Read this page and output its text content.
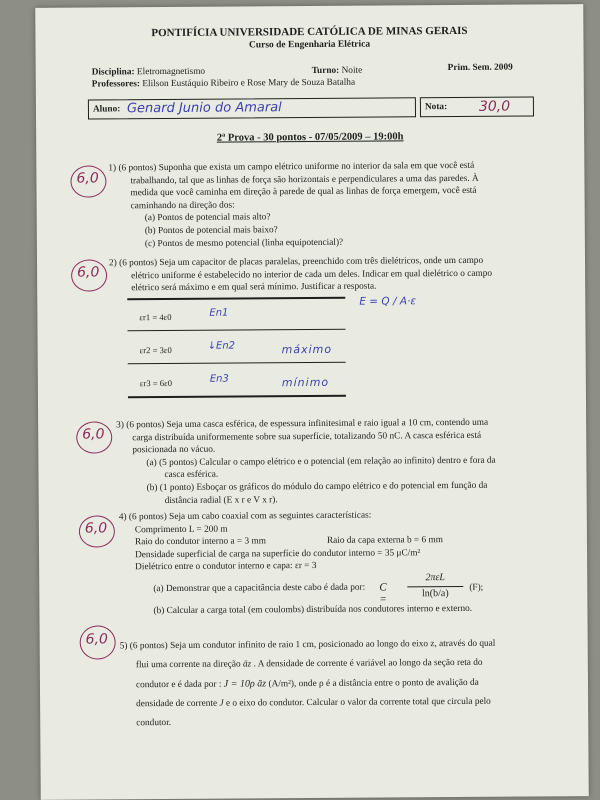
PONTIFÍCIA UNIVERSIDADE CATÓLICA DE MINAS GERAIS
Curso de Engenharia Elétrica
Disciplina: Eletromagnetismo	Turno: Noite	Prim. Sem. 2009
Professores: Elilson Eustáquio Ribeiro e Rose Mary de Souza Batalha
Aluno: Genard Junio do Amaral	Nota: 30,0
2ª Prova - 30 pontos - 07/05/2009 – 19:00h
6,0
1) (6 pontos) Suponha que exista um campo elétrico uniforme no interior da sala em que você está
trabalhando, tal que as linhas de força são horizontais e perpendiculares a uma das paredes. À
medida que você caminha em direção à parede de qual as linhas de força emergem, você está
caminhando na direção dos:
(a) Pontos de potencial mais alto?
(b) Pontos de potencial mais baixo?
(c) Pontos de mesmo potencial (linha equipotencial)?
6,0
2) (6 pontos) Seja um capacitor de placas paralelas, preenchido com três dielétricos, onde um campo
elétrico uniforme é estabelecido no interior de cada um deles. Indicar em qual dielétrico o campo
elétrico será máximo e em qual será mínimo. Justificar a resposta.
εr1 = 4ε0	En1
εr2 = 3ε0	↓En2	máximo
εr3 = 6ε0	En3	mínimo
E = Q / A·ε
6,0
3) (6 pontos) Seja uma casca esférica, de espessura infinitesimal e raio igual a 10 cm, contendo uma
carga distribuída uniformemente sobre sua superfície, totalizando 50 nC. A casca esférica está
posicionada no vácuo.
(a) (5 pontos) Calcular o campo elétrico e o potencial (em relação ao infinito) dentro e fora da
casca esférica.
(b) (1 ponto) Esboçar os gráficos do módulo do campo elétrico e do potencial em função da
distância radial (E x r e V x r).
6,0
4) (6 pontos) Seja um cabo coaxial com as seguintes características:
Comprimento L = 200 m
Raio do condutor interno a = 3 mm	Raio da capa externa b = 6 mm
Densidade superficial de carga na superfície do condutor interno = 35 μC/m²
Dielétrico entre o condutor interno e capa: εr = 3
(a) Demonstrar que a capacitância deste cabo é dada por: C =
2πεL
ln(b/a)
(F);
(b) Calcular a carga total (em coulombs) distribuída nos condutores interno e externo.
6,0 5) (6 pontos) Seja um condutor infinito de raio 1 cm, posicionado ao longo do eixo z, através do qual
flui uma corrente na direção āz . A densidade de corrente é variável ao longo da seção reta do
condutor e é dada por : J = 10ρ āz (A/m²), onde ρ é a distância entre o ponto de avalição da
densidade de corrente J e o eixo do condutor. Calcular o valor da corrente total que circula pelo
condutor.
